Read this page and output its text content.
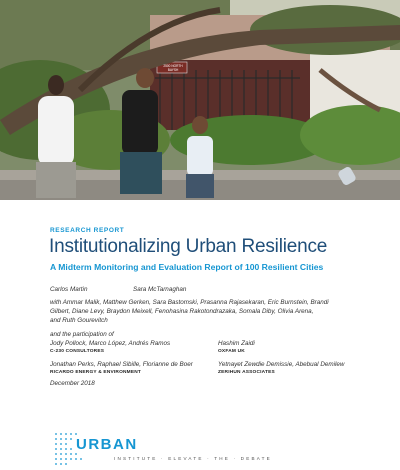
2500 NORTH BAYSH
RESEARCH REPORT
Institutionalizing Urban Resilience
A Midterm Monitoring and Evaluation Report of 100 Resilient Cities
Carlos Martin	Sara McTarnaghan
with Ammar Malik, Matthew Gerken, Sara Bastomski, Prasanna Rajasekaran, Eric Burnstein, Brandi
Gilbert, Diane Levy, Braydon Meixell, Fenohasina Rakotondrazaka, Somala Diby, Olivia Arena,
and Ruth Gourevitch
and the participation of
Jody Pollock, Marco López, Andrés Ramos
C-230 CONSULTORES
Hashim Zaidi
OXFAM UK
Jonathan Perks, Raphael Sibille, Florianne de Boer
RICARDO ENERGY & ENVIRONMENT
Yetnayet Zewdie Demissie, Abebual Demilew
ZERIHUN ASSOCIATES
December 2018
URBAN
INSTITUTE · ELEVATE · THE · DEBATE
